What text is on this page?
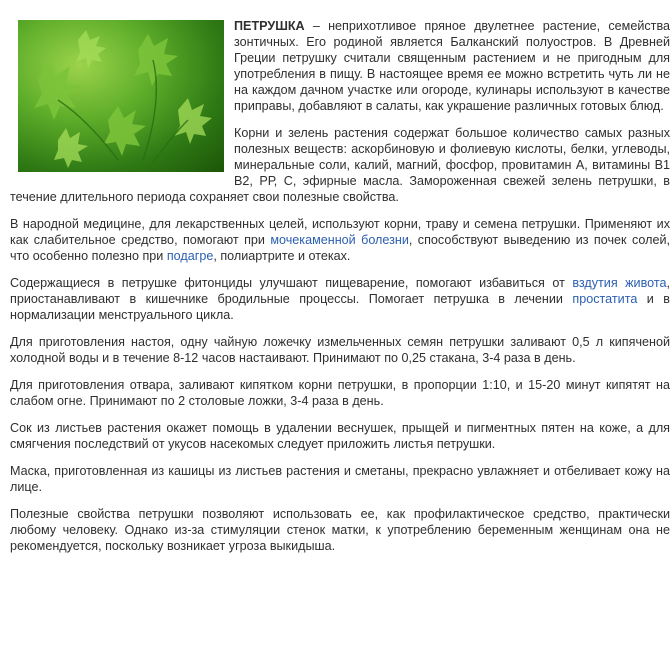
ПЕТРУШКА – неприхотливое пряное двулетнее растение, семейства зонтичных. Его родиной является Балканский полуостров. В Древней Греции петрушку считали священным растением и не пригодным для употребления в пищу. В настоящее время ее можно встретить чуть ли не на каждом дачном участке или огороде, кулинары используют в качестве приправы, добавляют в салаты, как украшение различных готовых блюд.

Корни и зелень растения содержат большое количество самых разных полезных веществ: аскорбиновую и фолиевую кислоты, белки, углеводы, минеральные соли, калий, магний, фосфор, провитамин А, витамины В1 В2, РР, С, эфирные масла. Замороженная свежей зелень петрушки, в течение длительного периода сохраняет свои полезные свойства.

В народной медицине, для лекарственных целей, используют корни, траву и семена петрушки. Применяют их как слабительное средство, помогают при мочекаменной болезни, способствуют выведению из почек солей, что особенно полезно при подагре, полиартрите и отеках.

Содержащиеся в петрушке фитонциды улучшают пищеварение, помогают избавиться от вздутия живота, приостанавливают в кишечнике бродильные процессы. Помогает петрушка в лечении простатита и в нормализации менструального цикла.

Для приготовления настоя, одну чайную ложечку измельченных семян петрушки заливают 0,5 л кипяченой холодной воды и в течение 8-12 часов настаивают. Принимают по 0,25 стакана, 3-4 раза в день.

Для приготовления отвара, заливают кипятком корни петрушки, в пропорции 1:10, и 15-20 минут кипятят на слабом огне. Принимают по 2 столовые ложки, 3-4 раза в день.

Сок из листьев растения окажет помощь в удалении веснушек, прыщей и пигментных пятен на коже, а для смягчения последствий от укусов насекомых следует приложить листья петрушки.

Маска, приготовленная из кашицы из листьев растения и сметаны, прекрасно увлажняет и отбеливает кожу на лице.

Полезные свойства петрушки позволяют использовать ее, как профилактическое средство, практически любому человеку. Однако из-за стимуляции стенок матки, к употреблению беременным женщинам она не рекомендуется, поскольку возникает угроза выкидыша.
